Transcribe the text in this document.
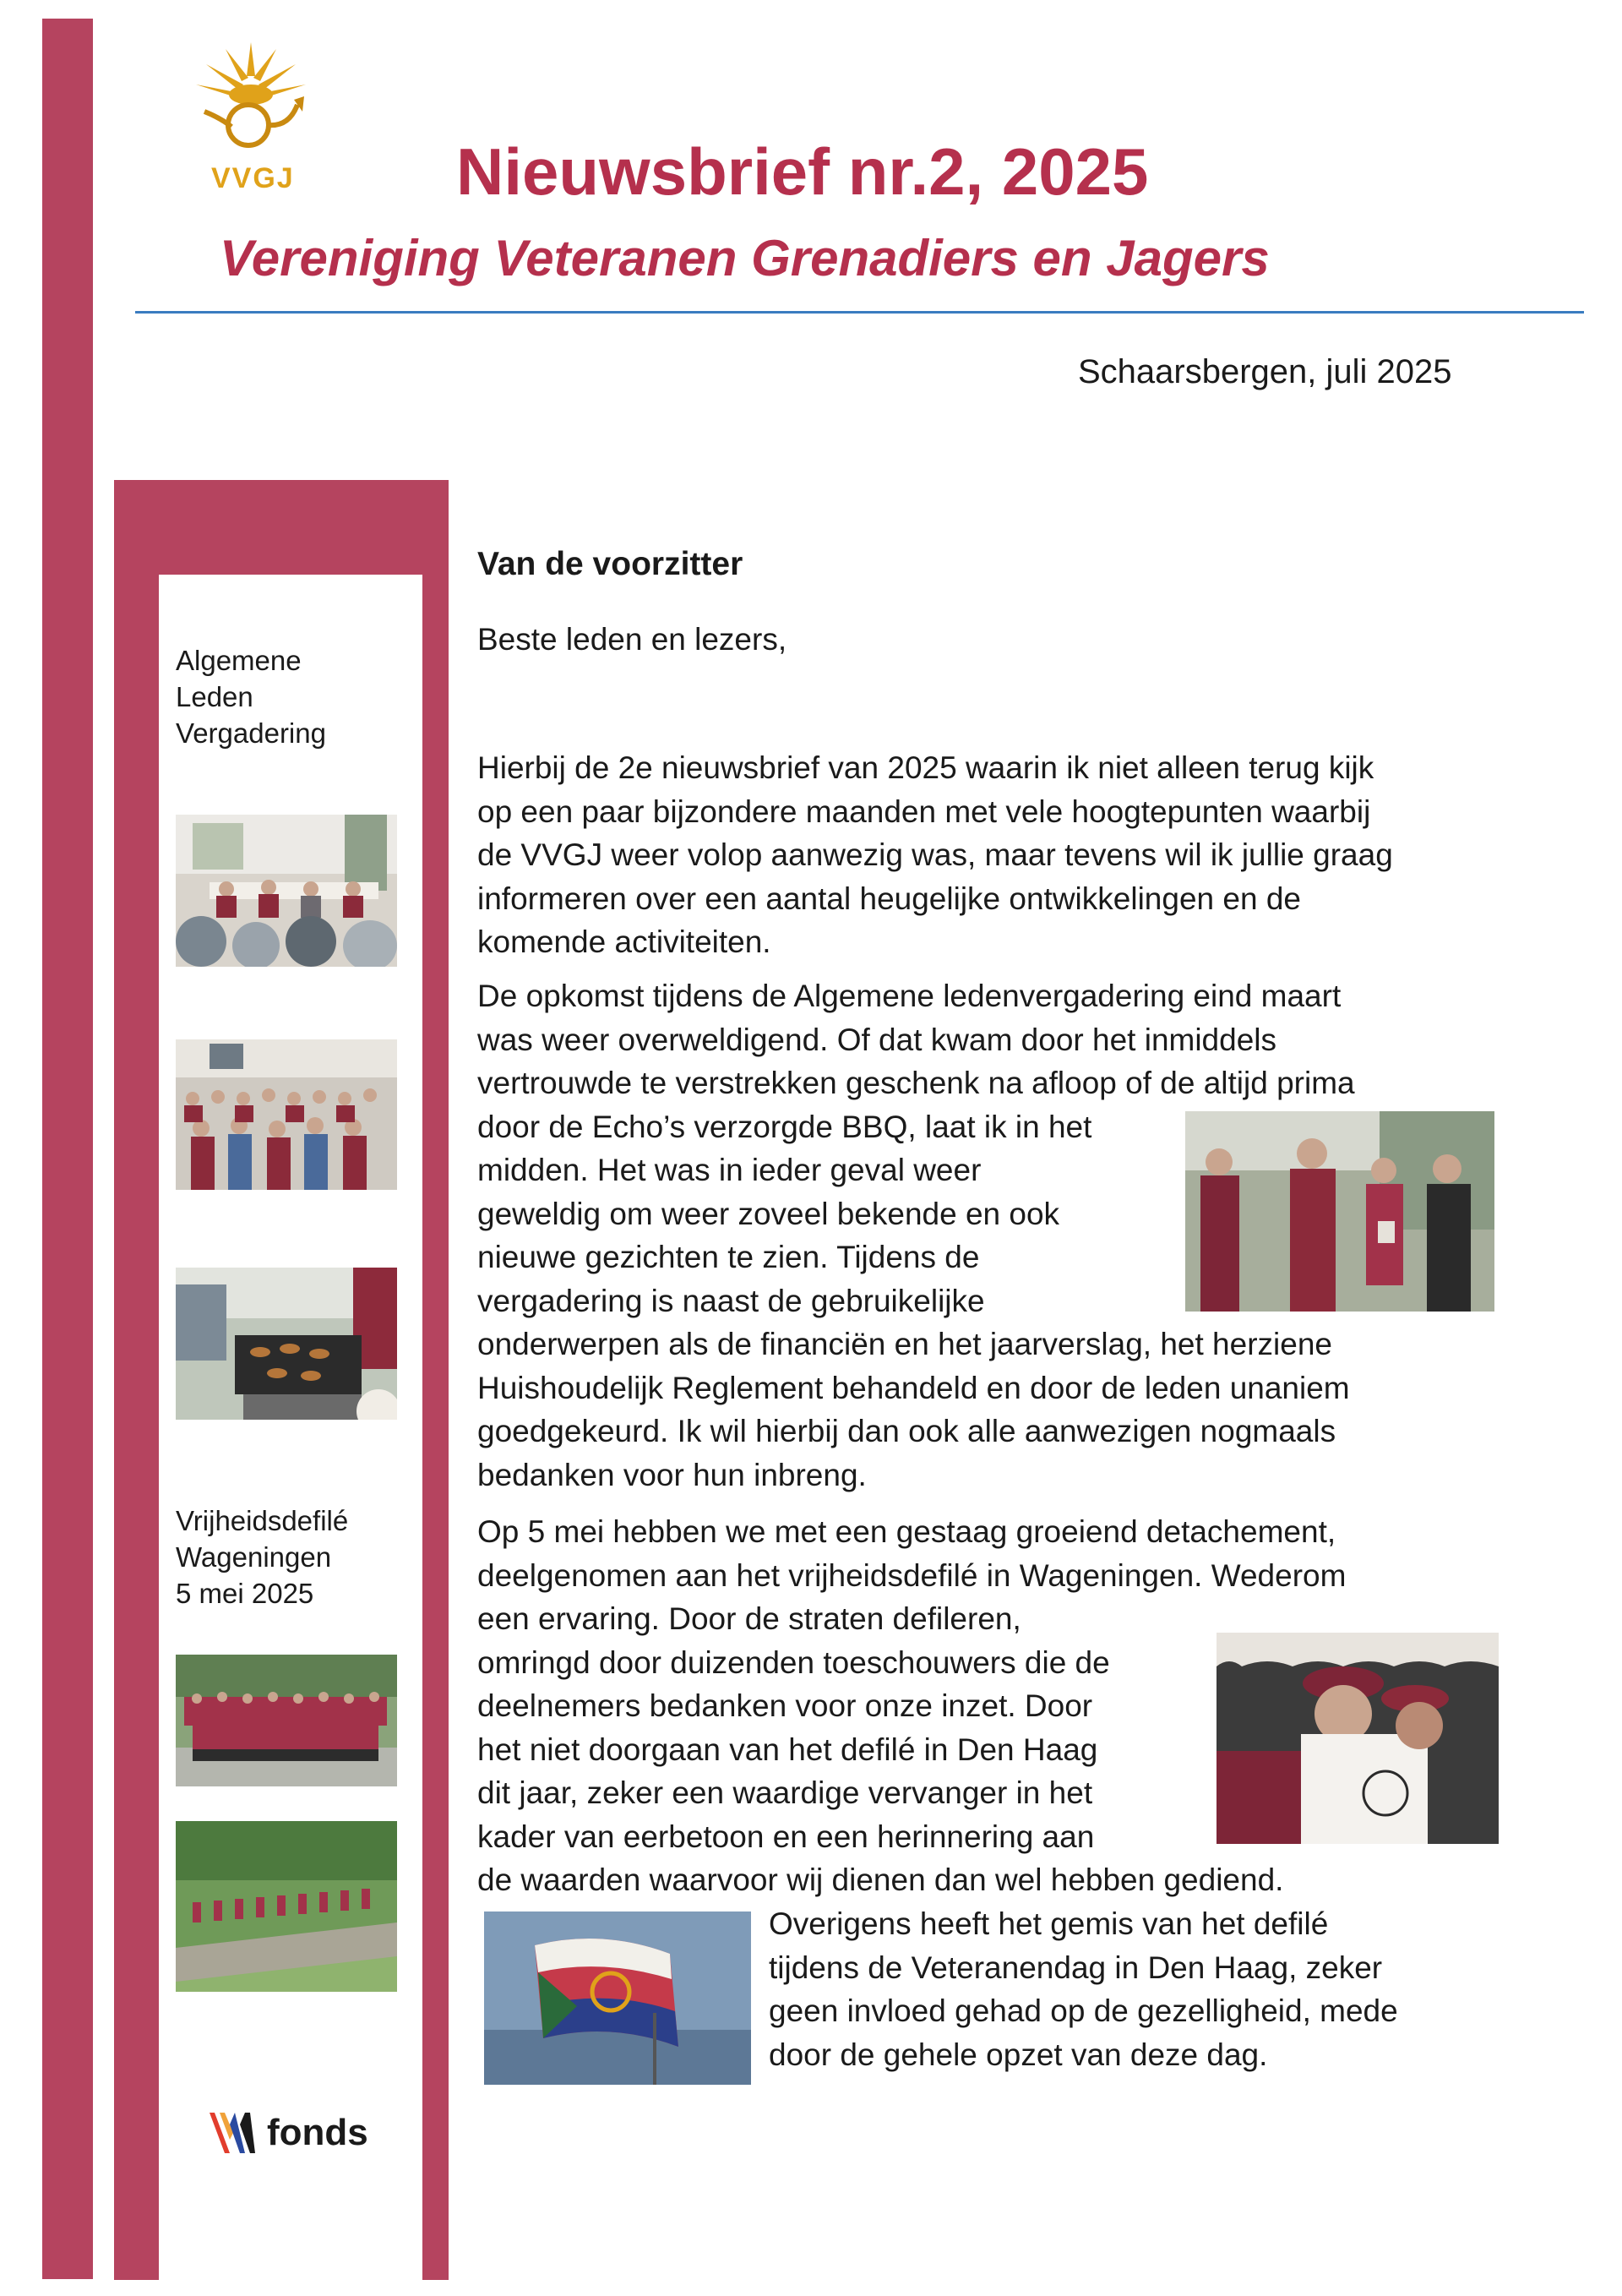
VVGJ Nieuwsbrief nr.2, 2025
Vereniging Veteranen Grenadiers en Jagers
Schaarsbergen, juli 2025
Algemene
Leden
Vergadering
Vrijheidsdefilé
Wageningen
5 mei 2025
fonds
Van de voorzitter
Beste leden en lezers,
Hierbij de 2e nieuwsbrief van 2025 waarin ik niet alleen terug kijk
op een paar bijzondere maanden met vele hoogtepunten waarbij
de VVGJ weer volop aanwezig was, maar tevens wil ik jullie graag
informeren over een aantal heugelijke ontwikkelingen en de
komende activiteiten.
De opkomst tijdens de Algemene ledenvergadering eind maart
was weer overweldigend. Of dat kwam door het inmiddels
vertrouwde te verstrekken geschenk na afloop of de altijd prima
door de Echo’s verzorgde BBQ, laat ik in het
midden. Het was in ieder geval weer
geweldig om weer zoveel bekende en ook
nieuwe gezichten te zien. Tijdens de
vergadering is naast de gebruikelijke
onderwerpen als de financiën en het jaarverslag, het herziene
Huishoudelijk Reglement behandeld en door de leden unaniem
goedgekeurd. Ik wil hierbij dan ook alle aanwezigen nogmaals
bedanken voor hun inbreng.
Op 5 mei hebben we met een gestaag groeiend detachement,
deelgenomen aan het vrijheidsdefilé in Wageningen. Wederom
een ervaring. Door de straten defileren,
omringd door duizenden toeschouwers die de
deelnemers bedanken voor onze inzet. Door
het niet doorgaan van het defilé in Den Haag
dit jaar, zeker een waardige vervanger in het
kader van eerbetoon en een herinnering aan
de waarden waarvoor wij dienen dan wel hebben gediend.
Overigens heeft het gemis van het defilé
tijdens de Veteranendag in Den Haag, zeker
geen invloed gehad op de gezelligheid, mede
door de gehele opzet van deze dag.
